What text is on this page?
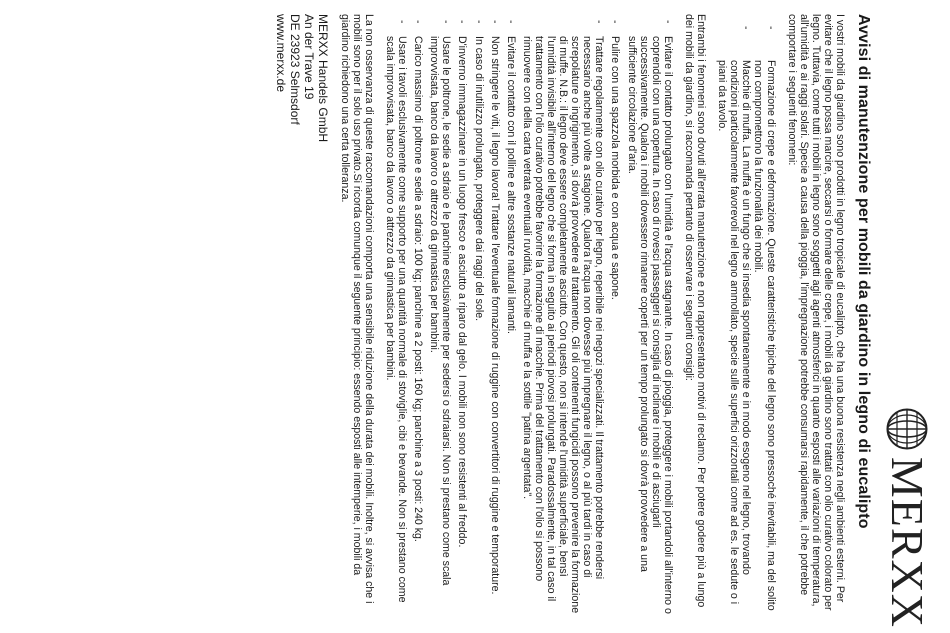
MERXX
Avvisi di manutenzione per mobili da giardino in legno di eucalipto

I vostri mobili da giardino sono prodotti in legno tropicale di eucalipto, che ha una buona resistenza negli ambienti esterni. Per evitare che il legno possa marcire, seccarsi o formare delle crepe, i mobili da giardino sono trattati con olio curativo colorato per legno. Tuttavia, come tutti i mobili in legno sono soggetti agli agenti atmosferici in quanto esposti alle variazioni di temperatura, all'umidità e ai raggi solari. Specie a causa della pioggia, l'impregnazione potrebbe consumarsi rapidamente, il che potrebbe comportare i seguenti fenomeni:

-
Formazione di crepe e deformazione. Queste caratteristiche tipiche del legno sono pressoché inevitabili, ma del solito non compromettono la funzionalità dei mobili.
-
Macchie di muffa. La muffa è un fungo che si insedia spontaneamente e in modo esogeno nel legno, trovando condizioni particolarmente favorevoli nel legno ammollato, specie sulle superfici orizzontali come ad es. le sedute o i piani da tavolo.

Entrambi i fenomeni sono dovuti all'errata manutenzione e non rappresentano motivi di reclamo. Per potere godere più a lungo dei mobili da giardino, si raccomanda pertanto di osservare i seguenti consigli:

-
Evitare il contatto prolungato con l'umidità e l'acqua stagnante. In caso di pioggia, proteggere i mobili portandoli all'interno o coprendoli con una copertura. In caso di rovesci passeggeri si consiglia di inclinare i mobili e di asciugarli successivamente. Qualora i mobili dovessero rimanere coperti per un tempo prolungato si dovrà provvedere a una sufficiente circolazione d'aria.
-
Pulire con una spazzola morbida e con acqua e sapone.
-
Trattare regolarmente con olio curativo per legno, reperibile nei negozi specializzati. Il trattamento potrebbe rendersi necessario anche più volte a stagione. Qualora l'acqua non dovesse più impregnare il legno, o al più tardi in caso di screpolature o ingrigimento, si dovrà provvedere al trattamento. Gli oli contenenti fungicidi possono prevenire la formazione di muffe. N.B.: il legno deve essere completamente asciutto. Con questo, non si intende l'umidità superficiale, bensì l'umidità invisibile all'interno del legno che si forma in seguito ai periodi piovosi prolungati. Paradossalmente, in tal caso il trattamento con l'olio curativo potrebbe favorire la formazione di macchie. Prima del trattamento con l'olio si possono rimuovere con della carta vetrata eventuali ruvidità, macchie di muffa e la sottile "patina argentata".
-
Evitare il contatto con il polline e altre sostanze naturali lamanti.
-
Non stringere le viti, il legno lavora! Trattare l'eventuale formazione di ruggine con convertitori di ruggine e temporature.
-
In caso di inutilizzo prolungato, proteggere dai raggi del sole.
-
D'inverno immagazzinare in un luogo fresco e asciutto a riparo dal gelo. I mobili non sono resistenti al freddo.
-
Usare le poltrone, le sedie a sdraio e le panchine esclusivamente per sedersi o sdraiarsi. Non si prestano come scala improvvisata, banco da lavoro o attrezzo da ginnastica per bambini.
-
Carico massimo di poltrone e sedie a sdraio: 100 kg; panchine a 2 posti: 160 kg; panchine a 3 posti: 240 kg.
-
Usare i tavoli esclusivamente come supporto per una quantità normale di stoviglie, cibi e bevande. Non si prestano come scala improvvisata, banco da lavoro o attrezzo da ginnastica per bambini.

La non osservanza di queste raccomandazioni comporta una sensibile riduzione della durata dei mobili. Inoltre, si avvisa che i mobili sono per il solo uso privato.Si ricorda comunque il seguente principio: essendo esposti alle intemperie, i mobili da giardino richiedono una certa tolleranza.

MERXX Handels GmbH
An der Trave 19
DE 23923 Selmsdorf
www.merxx.de
